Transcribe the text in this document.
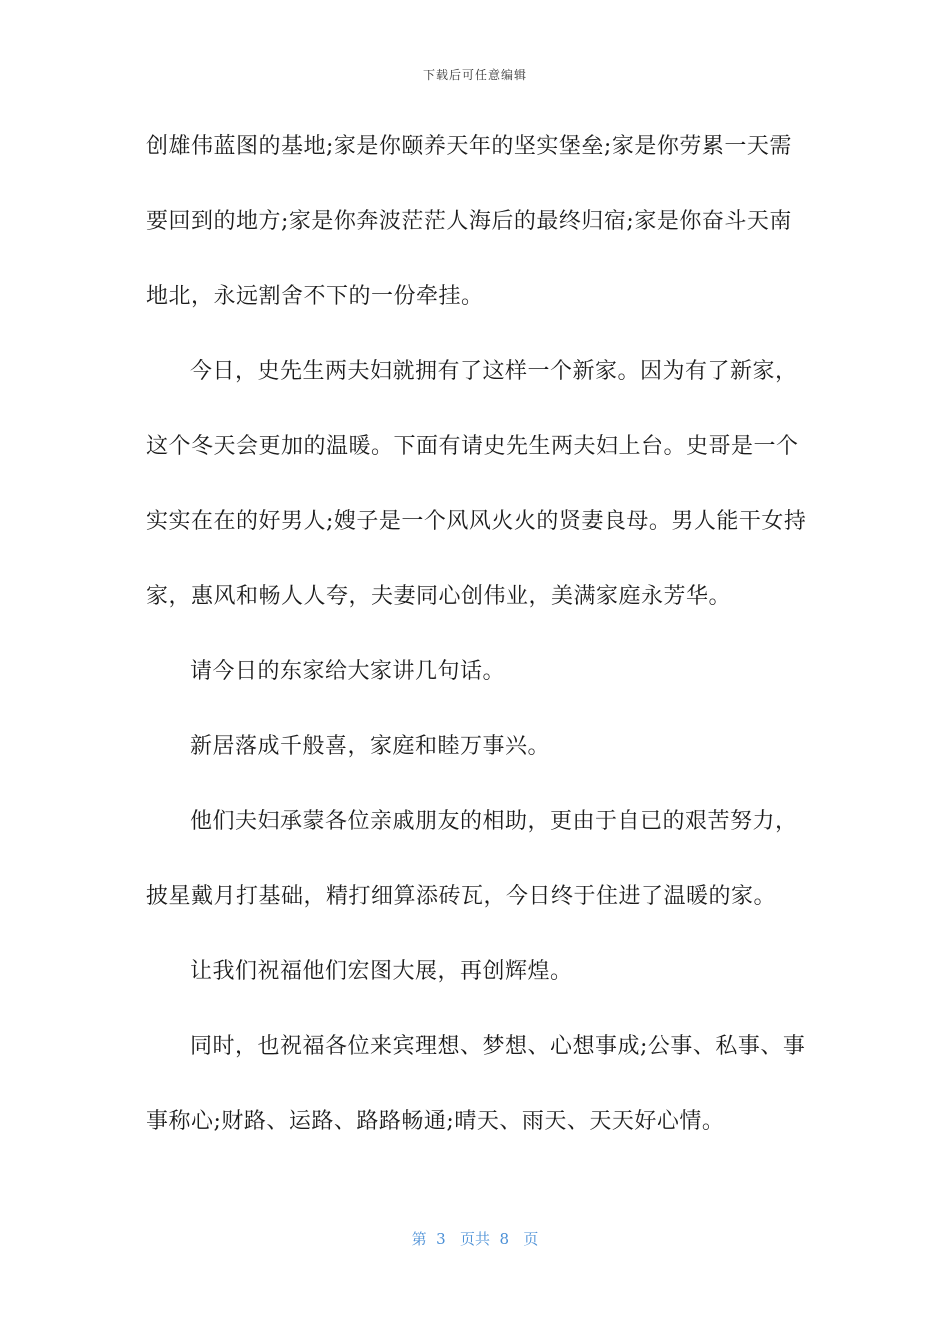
下载后可任意编辑
创雄伟蓝图的基地;家是你颐养天年的坚实堡垒;家是你劳累一天需
要回到的地方;家是你奔波茫茫人海后的最终归宿;家是你奋斗天南
地北，永远割舍不下的一份牵挂。
今日，史先生两夫妇就拥有了这样一个新家。因为有了新家，
这个冬天会更加的温暖。下面有请史先生两夫妇上台。史哥是一个
实实在在的好男人;嫂子是一个风风火火的贤妻良母。男人能干女持
家，惠风和畅人人夸，夫妻同心创伟业，美满家庭永芳华。
请今日的东家给大家讲几句话。
新居落成千般喜，家庭和睦万事兴。
他们夫妇承蒙各位亲戚朋友的相助，更由于自已的艰苦努力，
披星戴月打基础，精打细算添砖瓦，今日终于住进了温暖的家。
让我们祝福他们宏图大展，再创辉煌。
同时，也祝福各位来宾理想、梦想、心想事成;公事、私事、事
事称心;财路、运路、路路畅通;晴天、雨天、天天好心情。
第  3   页共  8   页
